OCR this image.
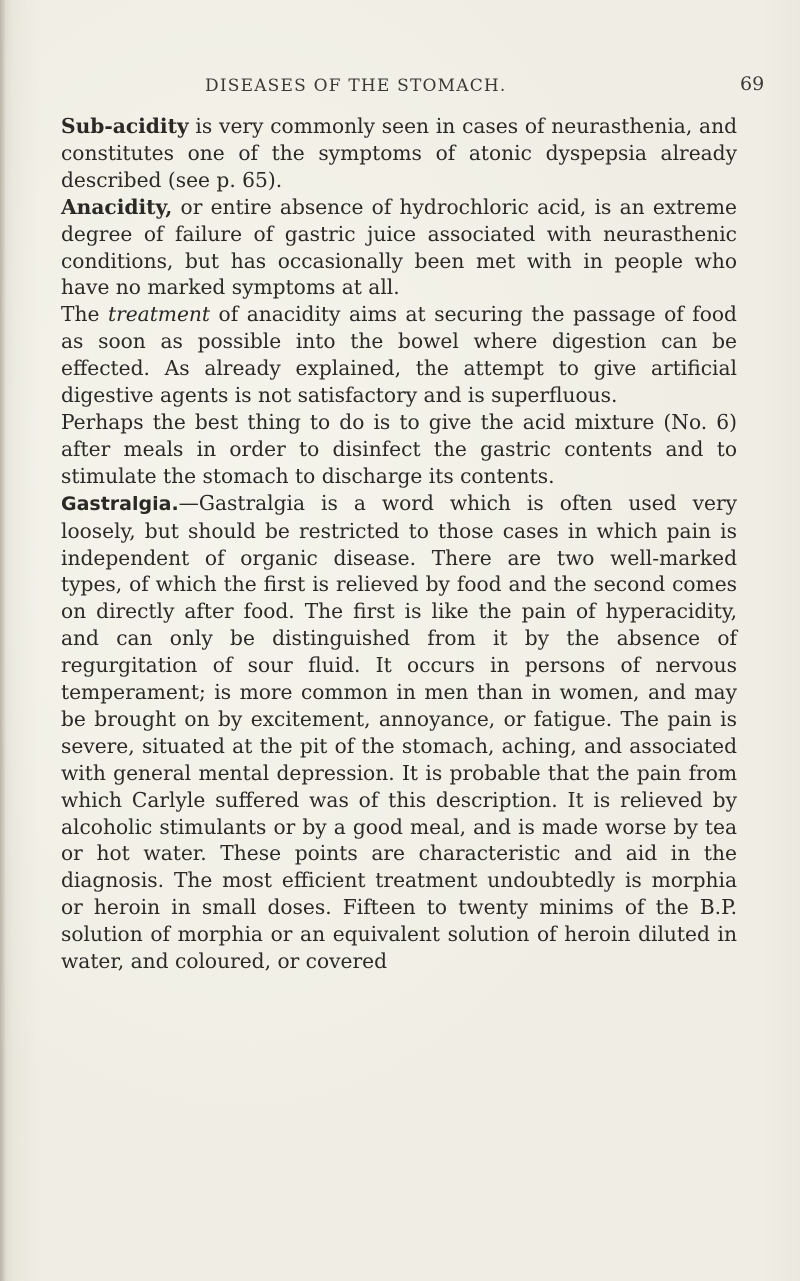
DISEASES OF THE STOMACH.	69

Sub-acidity is very commonly seen in cases of neurasthenia, and constitutes one of the symptoms of atonic dyspepsia already described (see p. 65).

Anacidity, or entire absence of hydrochloric acid, is an extreme degree of failure of gastric juice associated with neurasthenic conditions, but has occasionally been met with in people who have no marked symptoms at all.

The treatment of anacidity aims at securing the passage of food as soon as possible into the bowel where digestion can be effected. As already explained, the attempt to give artificial digestive agents is not satisfactory and is superfluous.

Perhaps the best thing to do is to give the acid mixture (No. 6) after meals in order to disinfect the gastric contents and to stimulate the stomach to discharge its contents.

Gastralgia.—Gastralgia is a word which is often used very loosely, but should be restricted to those cases in which pain is independent of organic disease. There are two well-marked types, of which the first is relieved by food and the second comes on directly after food. The first is like the pain of hyperacidity, and can only be distinguished from it by the absence of regurgitation of sour fluid. It occurs in persons of nervous temperament; is more common in men than in women, and may be brought on by excitement, annoyance, or fatigue. The pain is severe, situated at the pit of the stomach, aching, and associated with general mental depression. It is probable that the pain from which Carlyle suffered was of this description. It is relieved by alcoholic stimulants or by a good meal, and is made worse by tea or hot water. These points are characteristic and aid in the diagnosis. The most efficient treatment undoubtedly is morphia or heroin in small doses. Fifteen to twenty minims of the B.P. solution of morphia or an equivalent solution of heroin diluted in water, and coloured, or covered
